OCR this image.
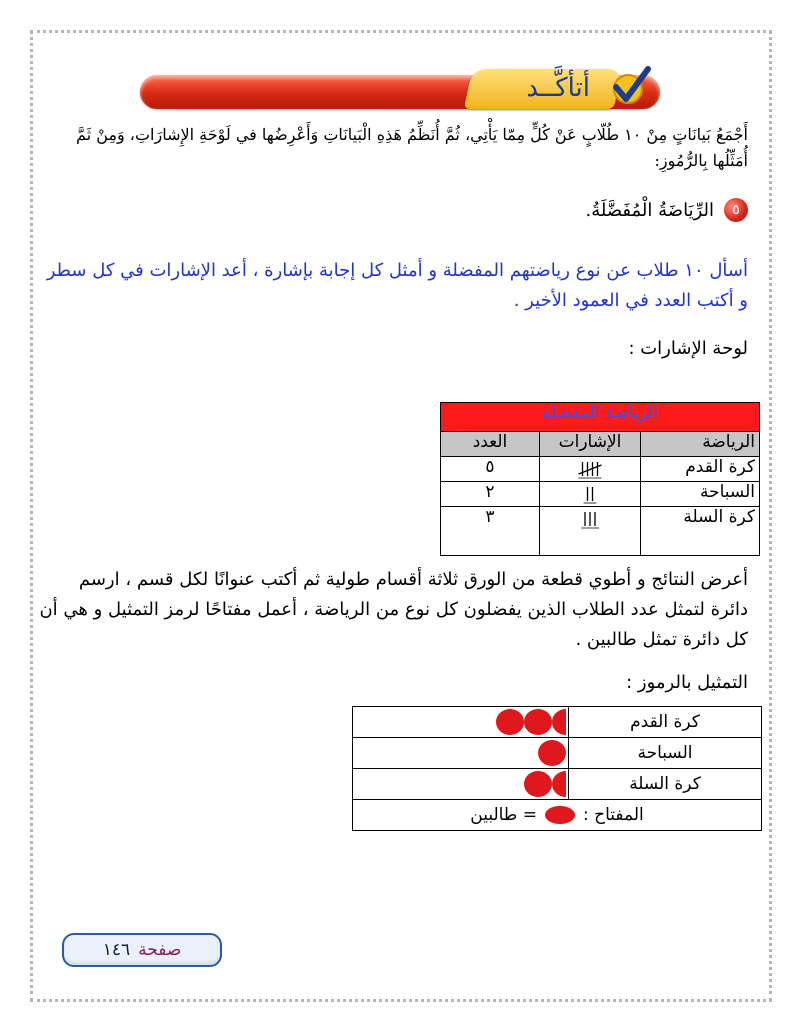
أتأكَّــد
أَجْمَعُ بَيانَاتٍ مِنْ ١٠ طُلّابٍ عَنْ كُلٍّ مِمّا يَأْتِي، ثُمَّ أُنَظِّمُ هَذِهِ الْبَيانَاتِ وَأَعْرِضُها في لَوْحَةِ الإِشارَاتِ، وَمِنْ ثَمَّ أُمَثِّلُها بِالرُّمُوزِ:
٥
الرِّيَاضَةُ الْمُفَضَّلَةُ.
أسأل ١٠ طلاب عن نوع رياضتهم المفضلة و أمثل كل إجابة بإشارة ، أعد الإشارات في كل سطر و أكتب العدد في العمود الأخير .
لوحة الإشارات :
الرياضة المفضلة		
الرياضة	الإشارات	العدد
كرة القدم		٥
السباحة		٢
كرة السلة		٣
أعرض النتائج و أطوي قطعة من الورق ثلاثة أقسام طولية ثم أكتب عنوانًا لكل قسم ، ارسم دائرة لتمثل عدد الطلاب الذين يفضلون كل نوع من الرياضة ، أعمل مفتاحًا لرمز التمثيل و هي أن كل دائرة تمثل طالبين .
التمثيل بالرموز :
كرة القدم	

السباحة	

كرة السلة	

المفتاح :
= طالبين	
صفحة
١٤٦
